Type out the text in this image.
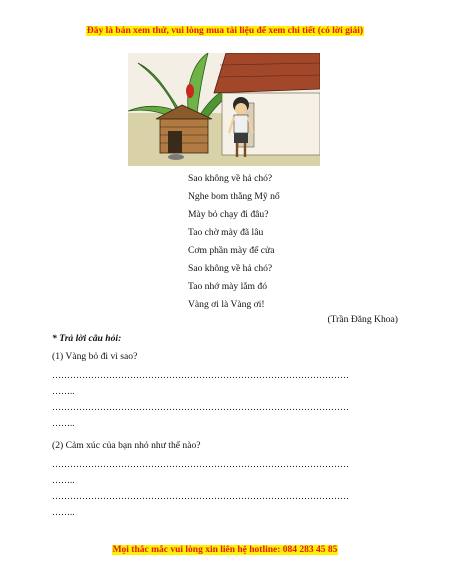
Đây là bản xem thử, vui lòng mua tài liệu để xem chi tiết (có lời giải)
Sao không về hả chó?
Nghe bom thằng Mỹ nổ
Mày bỏ chạy đi đâu?
Tao chờ mày đã lâu
Cơm phần mày để cửa
Sao không về hả chó?
Tao nhớ mày lắm đó
Vàng ơi là Vàng ơi!
(Trần Đăng Khoa)
* Trả lời câu hỏi:
(1) Vàng bỏ đi vì sao?
………………………………………………………………………………………
……..
………………………………………………………………………………………
……..
(2) Cảm xúc của bạn nhỏ như thế nào?
………………………………………………………………………………………
……..
………………………………………………………………………………………
……..
Mọi thắc mắc vui lòng xin liên hệ hotline: 084 283 45 85
